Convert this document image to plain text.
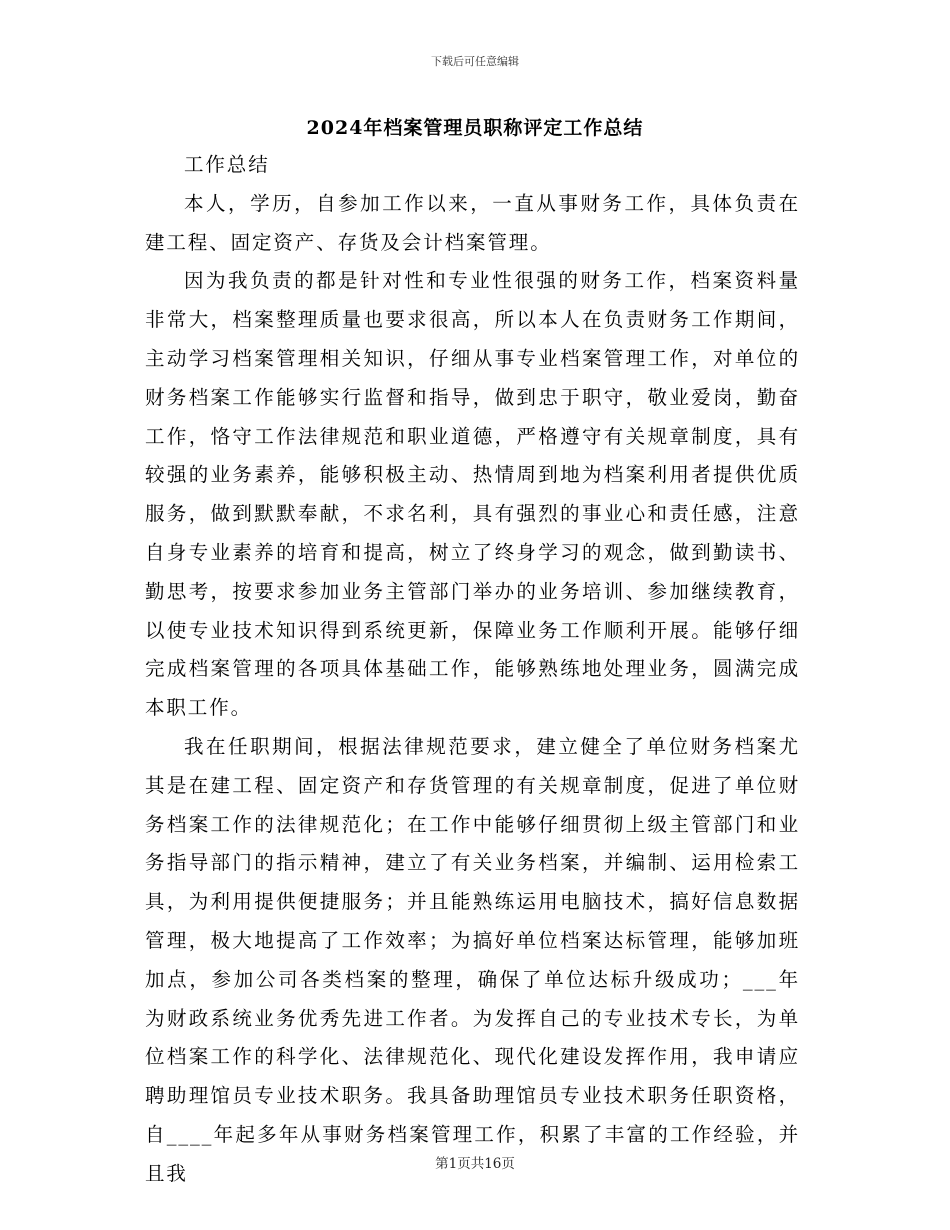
下载后可任意编辑
2024年档案管理员职称评定工作总结

工作总结

本人，学历，自参加工作以来，一直从事财务工作，具体负责在建工程、固定资产、存货及会计档案管理。

因为我负责的都是针对性和专业性很强的财务工作，档案资料量非常大，档案整理质量也要求很高，所以本人在负责财务工作期间，主动学习档案管理相关知识，仔细从事专业档案管理工作，对单位的财务档案工作能够实行监督和指导，做到忠于职守，敬业爱岗，勤奋工作，恪守工作法律规范和职业道德，严格遵守有关规章制度，具有较强的业务素养，能够积极主动、热情周到地为档案利用者提供优质服务，做到默默奉献，不求名利，具有强烈的事业心和责任感，注意自身专业素养的培育和提高，树立了终身学习的观念，做到勤读书、勤思考，按要求参加业务主管部门举办的业务培训、参加继续教育，以使专业技术知识得到系统更新，保障业务工作顺利开展。能够仔细完成档案管理的各项具体基础工作，能够熟练地处理业务，圆满完成本职工作。

我在任职期间，根据法律规范要求，建立健全了单位财务档案尤其是在建工程、固定资产和存货管理的有关规章制度，促进了单位财务档案工作的法律规范化；在工作中能够仔细贯彻上级主管部门和业务指导部门的指示精神，建立了有关业务档案，并编制、运用检索工具，为利用提供便捷服务；并且能熟练运用电脑技术，搞好信息数据管理，极大地提高了工作效率；为搞好单位档案达标管理，能够加班加点，参加公司各类档案的整理，确保了单位达标升级成功；___年为财政系统业务优秀先进工作者。为发挥自己的专业技术专长，为单位档案工作的科学化、法律规范化、现代化建设发挥作用，我申请应聘助理馆员专业技术职务。我具备助理馆员专业技术职务任职资格，自____年起多年从事财务档案管理工作，积累了丰富的工作经验，并且我	第1页共16页
